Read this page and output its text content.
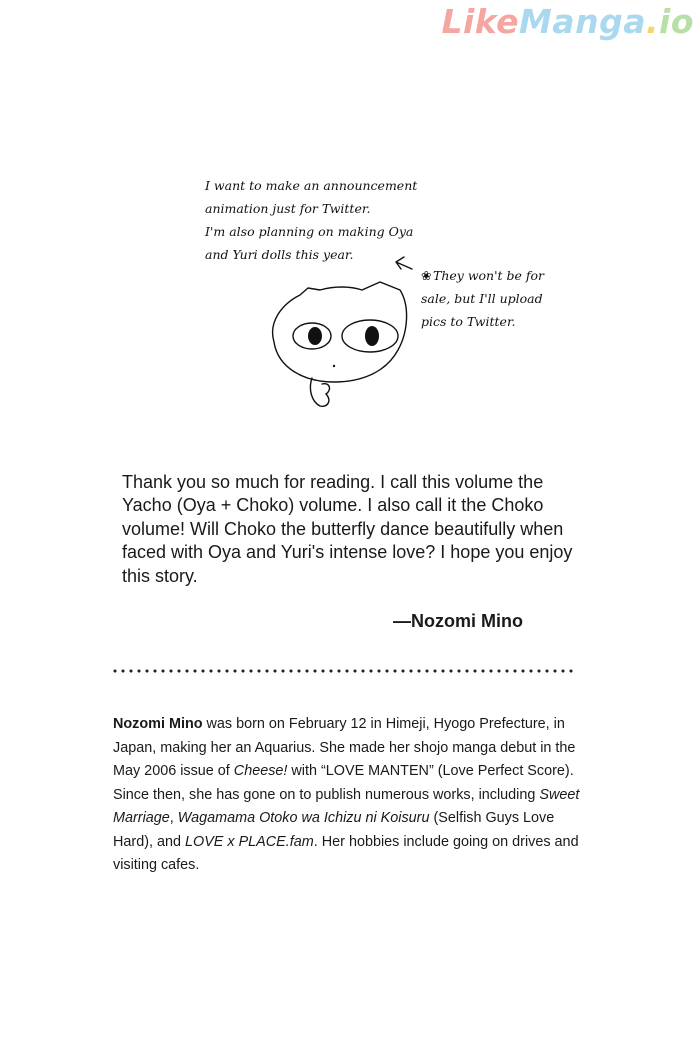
LikeManga.io
I want to make an announcement
animation just for Twitter.
I'm also planning on making Oya
and Yuri dolls this year.
❀ They won't be for
sale, but I'll upload
pics to Twitter.

Thank you so much for reading. I call this volume the Yacho (Oya + Choko) volume. I also call it the Choko volume! Will Choko the butterfly dance beautifully when faced with Oya and Yuri's intense love? I hope you enjoy this story.

—Nozomi Mino

Nozomi Mino was born on February 12 in Himeji, Hyogo Prefecture, in Japan, making her an Aquarius. She made her shojo manga debut in the May 2006 issue of Cheese! with “LOVE MANTEN” (Love Perfect Score). Since then, she has gone on to publish numerous works, including Sweet Marriage, Wagamama Otoko wa Ichizu ni Koisuru (Selfish Guys Love Hard), and LOVE x PLACE.fam. Her hobbies include going on drives and visiting cafes.
